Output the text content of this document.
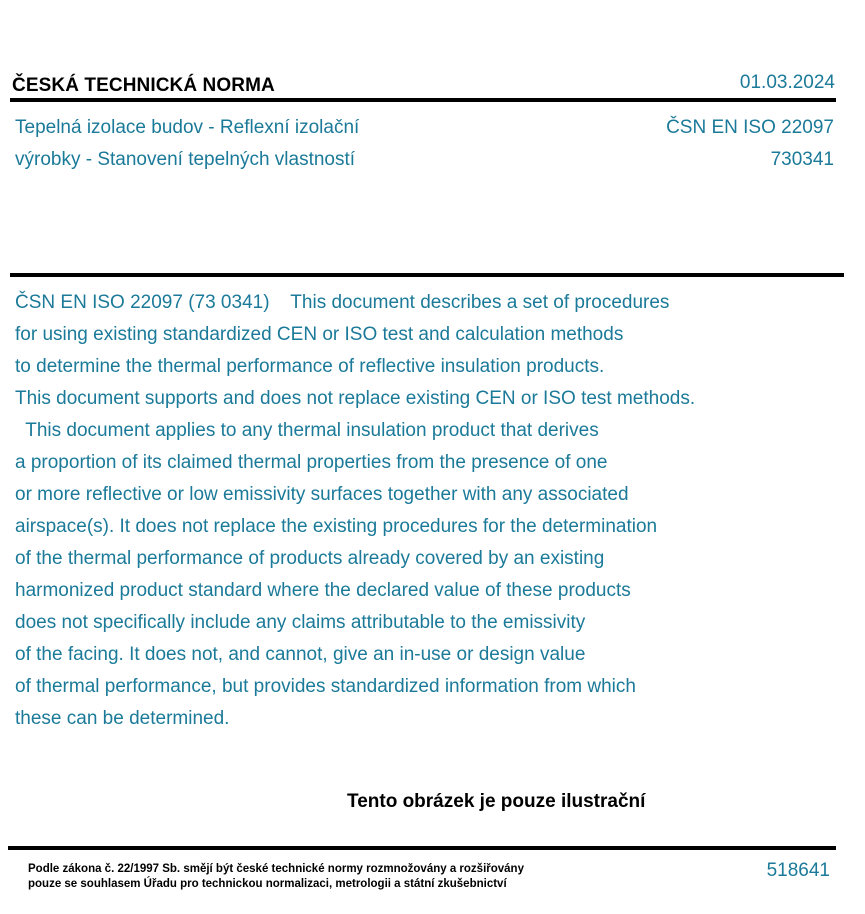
ČESKÁ TECHNICKÁ NORMA	01.03.2024
Tepelná izolace budov - Reflexní izolační
výrobky - Stanovení tepelných vlastností
ČSN EN ISO 22097
730341
ČSN EN ISO 22097 (73 0341)    This document describes a set of procedures
for using existing standardized CEN or ISO test and calculation methods
to determine the thermal performance of reflective insulation products.
This document supports and does not replace existing CEN or ISO test methods.
This document applies to any thermal insulation product that derives
a proportion of its claimed thermal properties from the presence of one
or more reflective or low emissivity surfaces together with any associated
airspace(s). It does not replace the existing procedures for the determination
of the thermal performance of products already covered by an existing
harmonized product standard where the declared value of these products
does not specifically include any claims attributable to the emissivity
of the facing. It does not, and cannot, give an in-use or design value
of thermal performance, but provides standardized information from which
these can be determined.
Tento obrázek je pouze ilustrační
Podle zákona č. 22/1997 Sb. smějí být české technické normy rozmnožovány a rozšiřovány
pouze se souhlasem Úřadu pro technickou normalizaci, metrologii a státní zkušebnictví
518641
